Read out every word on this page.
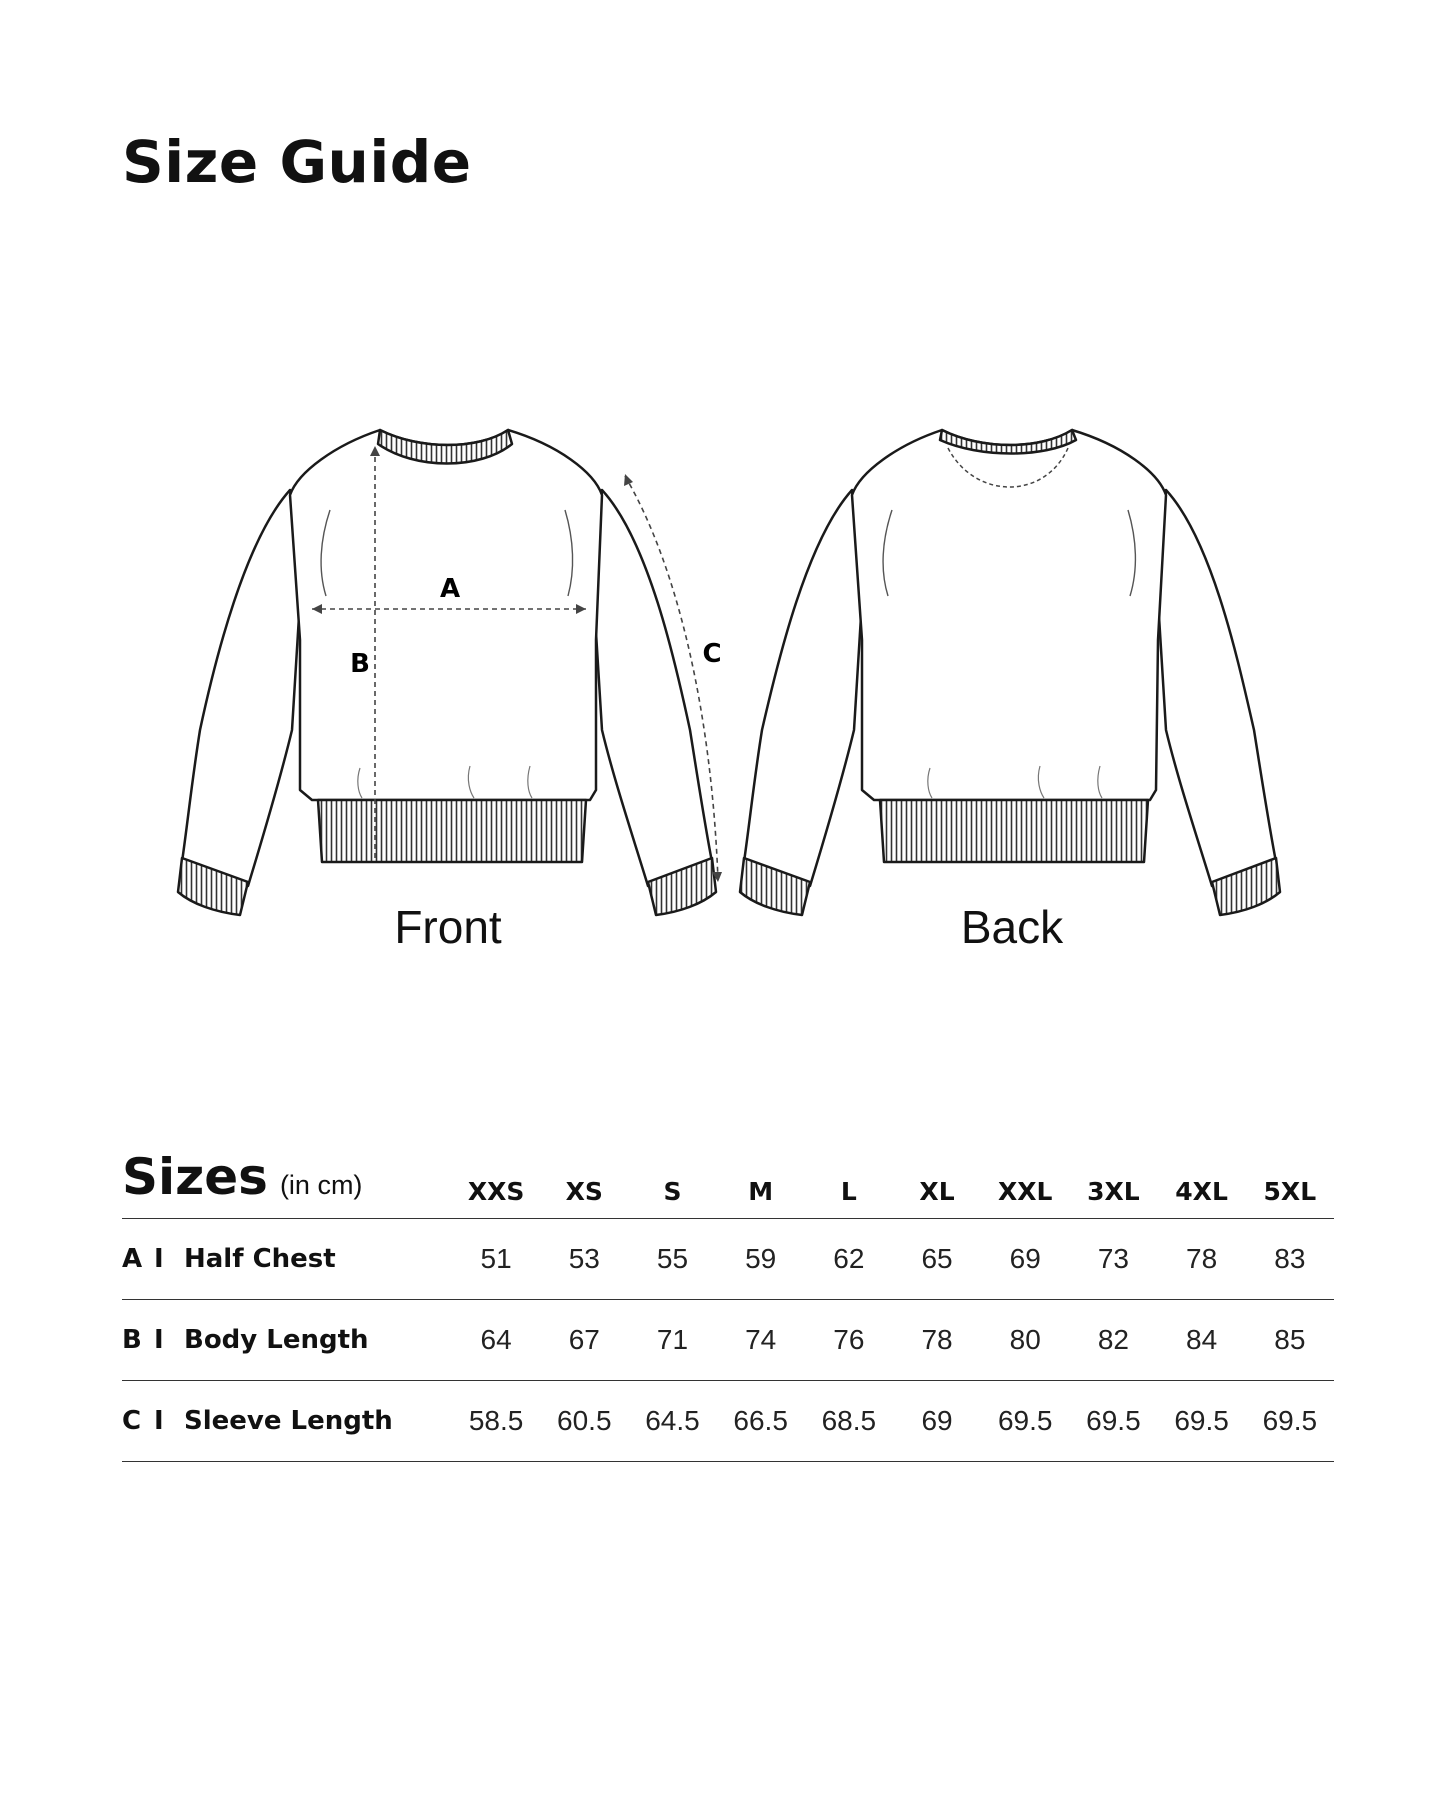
Size Guide
A
B	C
Front	Back
Sizes (in cm)	XXS	XS	S	M	L	XL	XXL	3XL	4XL	5XL
A I Half Chest	51	53	55	59	62	65	69	73	78	83
B I Body Length	64	67	71	74	76	78	80	82	84	85
C I Sleeve Length	58.5	60.5	64.5	66.5	68.5	69	69.5	69.5	69.5	69.5
